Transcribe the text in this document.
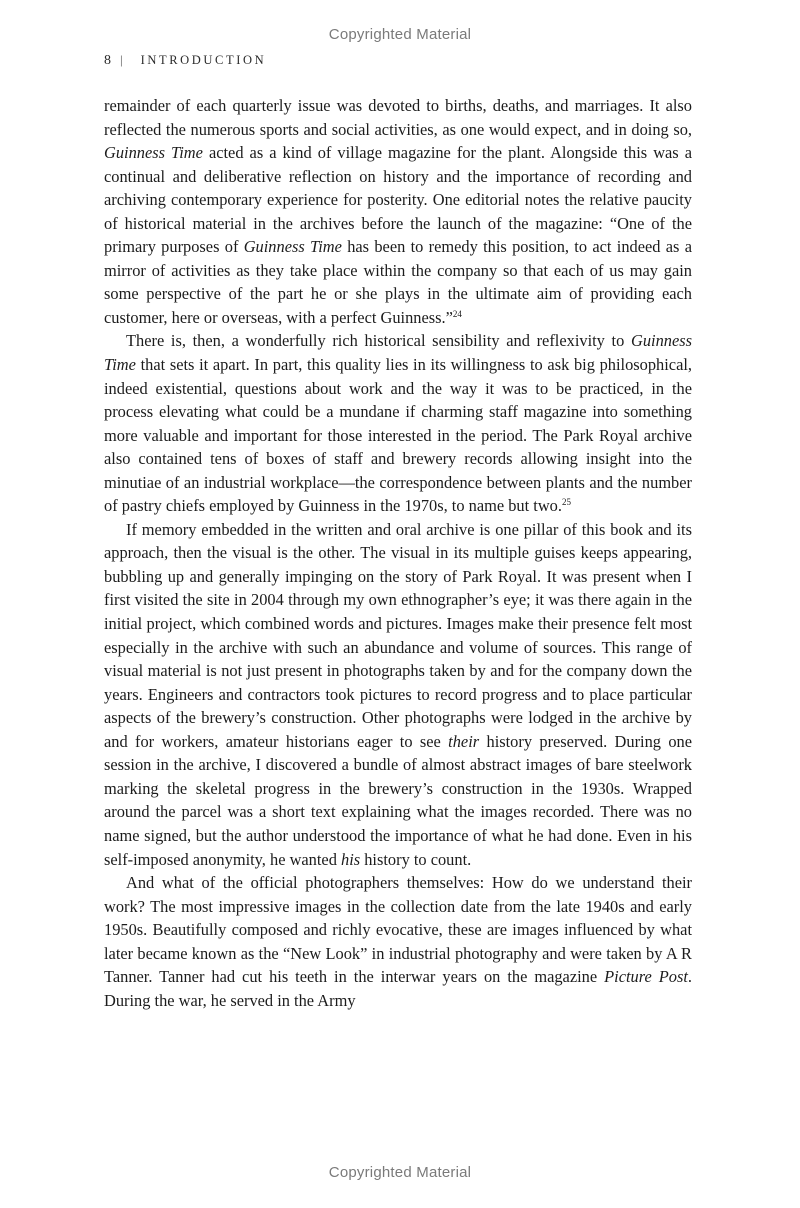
Copyrighted Material
8 | INTRODUCTION

remainder of each quarterly issue was devoted to births, deaths, and marriages. It also reflected the numerous sports and social activities, as one would expect, and in doing so, Guinness Time acted as a kind of village magazine for the plant. Alongside this was a continual and deliberative reflection on history and the importance of recording and archiving contemporary experience for posterity. One editorial notes the relative paucity of historical material in the archives before the launch of the magazine: “One of the primary purposes of Guinness Time has been to remedy this position, to act indeed as a mirror of activities as they take place within the company so that each of us may gain some perspective of the part he or she plays in the ultimate aim of providing each customer, here or overseas, with a perfect Guinness.”$^{24}$

There is, then, a wonderfully rich historical sensibility and reflexivity to Guinness Time that sets it apart. In part, this quality lies in its willingness to ask big philosophical, indeed existential, questions about work and the way it was to be practiced, in the process elevating what could be a mundane if charming staff magazine into something more valuable and important for those interested in the period. The Park Royal archive also contained tens of boxes of staff and brewery records allowing insight into the minutiae of an industrial workplace—the correspondence between plants and the number of pastry chiefs employed by Guinness in the 1970s, to name but two.$^{25}$

If memory embedded in the written and oral archive is one pillar of this book and its approach, then the visual is the other. The visual in its multiple guises keeps appearing, bubbling up and generally impinging on the story of Park Royal. It was present when I first visited the site in 2004 through my own ethnographer’s eye; it was there again in the initial project, which combined words and pictures. Images make their presence felt most especially in the archive with such an abundance and volume of sources. This range of visual material is not just present in photographs taken by and for the company down the years. Engineers and contractors took pictures to record progress and to place particular aspects of the brewery’s construction. Other photographs were lodged in the archive by and for workers, amateur historians eager to see their history preserved. During one session in the archive, I discovered a bundle of almost abstract images of bare steelwork marking the skeletal progress in the brewery’s construction in the 1930s. Wrapped around the parcel was a short text explaining what the images recorded. There was no name signed, but the author understood the importance of what he had done. Even in his self-imposed anonymity, he wanted his history to count.

And what of the official photographers themselves: How do we understand their work? The most impressive images in the collection date from the late 1940s and early 1950s. Beautifully composed and richly evocative, these are images influenced by what later became known as the “New Look” in industrial photography and were taken by A R Tanner. Tanner had cut his teeth in the interwar years on the magazine Picture Post. During the war, he served in the Army

Copyrighted Material
